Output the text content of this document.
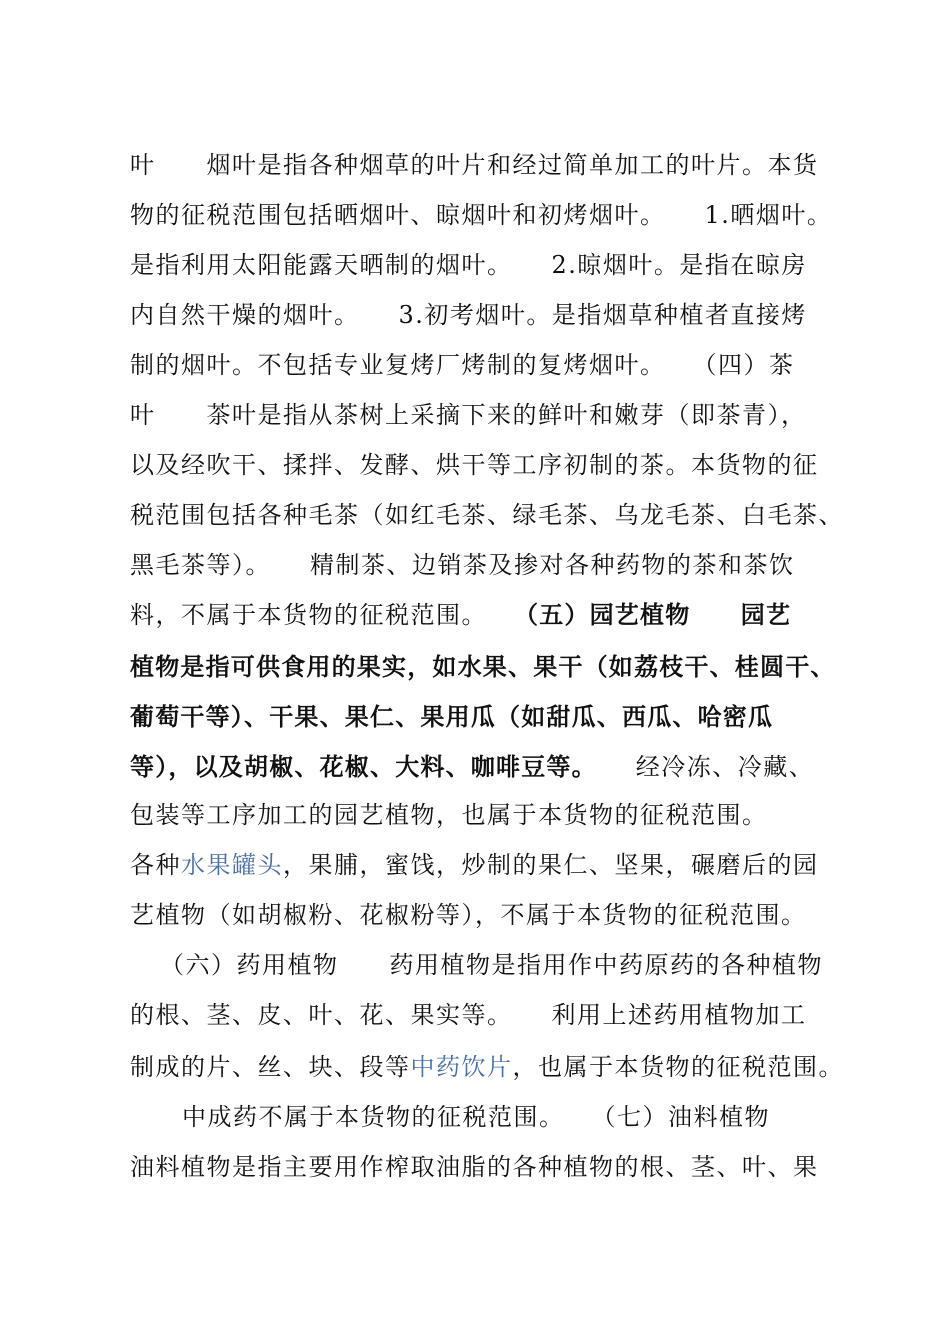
叶　　烟叶是指各种烟草的叶片和经过简单加工的叶片。本货
物的征税范围包括晒烟叶、晾烟叶和初烤烟叶。　　1.晒烟叶。
是指利用太阳能露天晒制的烟叶。　　2.晾烟叶。是指在晾房
内自然干燥的烟叶。　　3.初考烟叶。是指烟草种植者直接烤
制的烟叶。不包括专业复烤厂烤制的复烤烟叶。　　（四）茶
叶　　茶叶是指从茶树上采摘下来的鲜叶和嫩芽（即茶青），
以及经吹干、揉拌、发酵、烘干等工序初制的茶。本货物的征
税范围包括各种毛茶（如红毛茶、绿毛茶、乌龙毛茶、白毛茶、
黑毛茶等）。　　精制茶、边销茶及掺对各种药物的茶和茶饮
料，不属于本货物的征税范围。　　（五）园艺植物　　园艺
植物是指可供食用的果实，如水果、果干（如荔枝干、桂圆干、
葡萄干等）、干果、果仁、果用瓜（如甜瓜、西瓜、哈密瓜
等），以及胡椒、花椒、大料、咖啡豆等。　　经冷冻、冷藏、
包装等工序加工的园艺植物，也属于本货物的征税范围。
各种水果罐头，果脯，蜜饯，炒制的果仁、坚果，碾磨后的园
艺植物（如胡椒粉、花椒粉等），不属于本货物的征税范围。
（六）药用植物　　药用植物是指用作中药原药的各种植物
的根、茎、皮、叶、花、果实等。　　利用上述药用植物加工
制成的片、丝、块、段等中药饮片，也属于本货物的征税范围。
中成药不属于本货物的征税范围。　　（七）油料植物
油料植物是指主要用作榨取油脂的各种植物的根、茎、叶、果
